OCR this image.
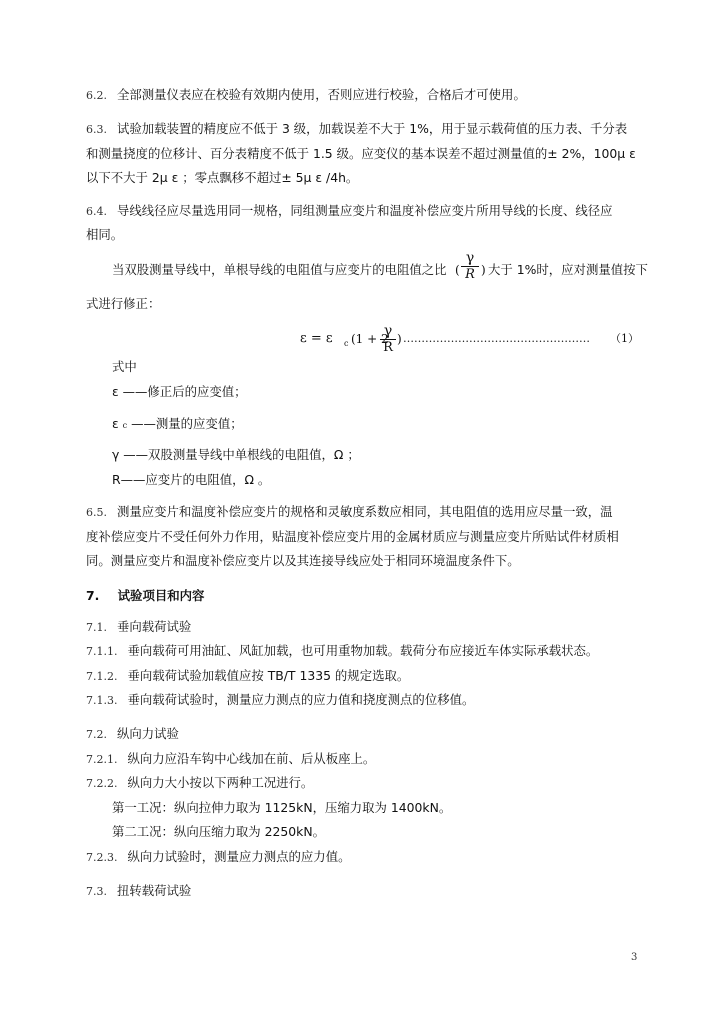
6.2. 全部测量仪表应在校验有效期内使用，否则应进行校验，合格后才可使用。
6.3. 试验加载装置的精度应不低于 3 级，加载误差不大于 1%，用于显示载荷值的压力表、千分表
和测量挠度的位移计、百分表精度不低于 1.5 级。应变仪的基本误差不超过测量值的± 2%，100μ ε
以下不大于 2μ ε ；零点飘移不超过± 5μ ε /4h。
6.4. 导线线径应尽量选用同一规格，同组测量应变片和温度补偿应变片所用导线的长度、线径应
相同。
当双股测量导线中，单根导线的电阻值与应变片的电阻值之比 (
γ
R ) 大于 1%时，应对测量值按下
式进行修正：
ε = ε c (1 + 2
γ
R
) …………………………………………… （1）
式中
ε ——修正后的应变值；
ε c ——测量的应变值；
γ ——双股测量导线中单根线的电阻值，Ω ；
R——应变片的电阻值，Ω 。
6.5. 测量应变片和温度补偿应变片的规格和灵敏度系数应相同，其电阻值的选用应尽量一致，温
度补偿应变片不受任何外力作用，贴温度补偿应变片用的金属材质应与测量应变片所贴试件材质相
同。测量应变片和温度补偿应变片以及其连接导线应处于相同环境温度条件下。
7. 试验项目和内容
7.1. 垂向载荷试验
7.1.1. 垂向载荷可用油缸、风缸加载，也可用重物加载。载荷分布应接近车体实际承载状态。
7.1.2. 垂向载荷试验加载值应按 TB/T 1335 的规定选取。
7.1.3. 垂向载荷试验时，测量应力测点的应力值和挠度测点的位移值。
7.2. 纵向力试验
7.2.1. 纵向力应沿车钩中心线加在前、后从板座上。
7.2.2. 纵向力大小按以下两种工况进行。
第一工况：纵向拉伸力取为 1125kN，压缩力取为 1400kN。
第二工况：纵向压缩力取为 2250kN。
7.2.3. 纵向力试验时，测量应力测点的应力值。
7.3. 扭转载荷试验
3
